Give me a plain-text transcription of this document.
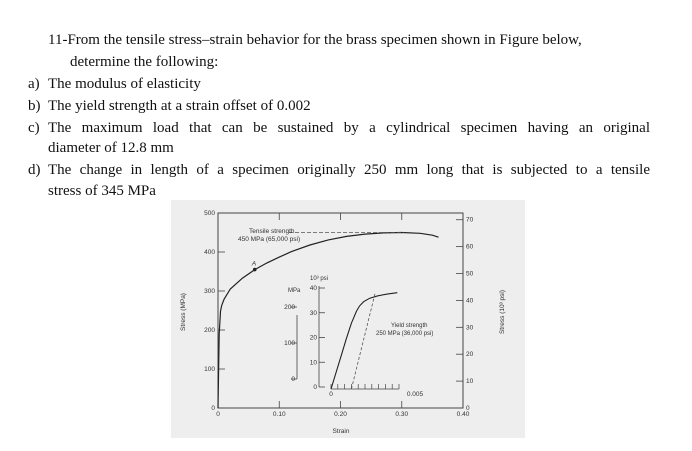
11-From the tensile stress–strain behavior for the brass specimen shown in Figure below,
determine the following:
a) The modulus of elasticity
b) The yield strength at a strain offset of 0.002
c) The maximum load that can be sustained by a cylindrical specimen having an original
diameter of 12.8 mm
d) The change in length of a specimen originally 250 mm long that is subjected to a tensile
stress of 345 MPa
0
100
200
300
400
500
0
10
20
30
40
50
60
70
0	0.10	0.20	0.30	0.40
0
100
200
0
10
20
30
40
0	0.005
A
Stress (MPa)	Stress (10³ psi)
Strain
Tensile strength
450 MPa (65,000 psi)
10³ psi
MPa
Yield strength
250 MPa (36,000 psi)
